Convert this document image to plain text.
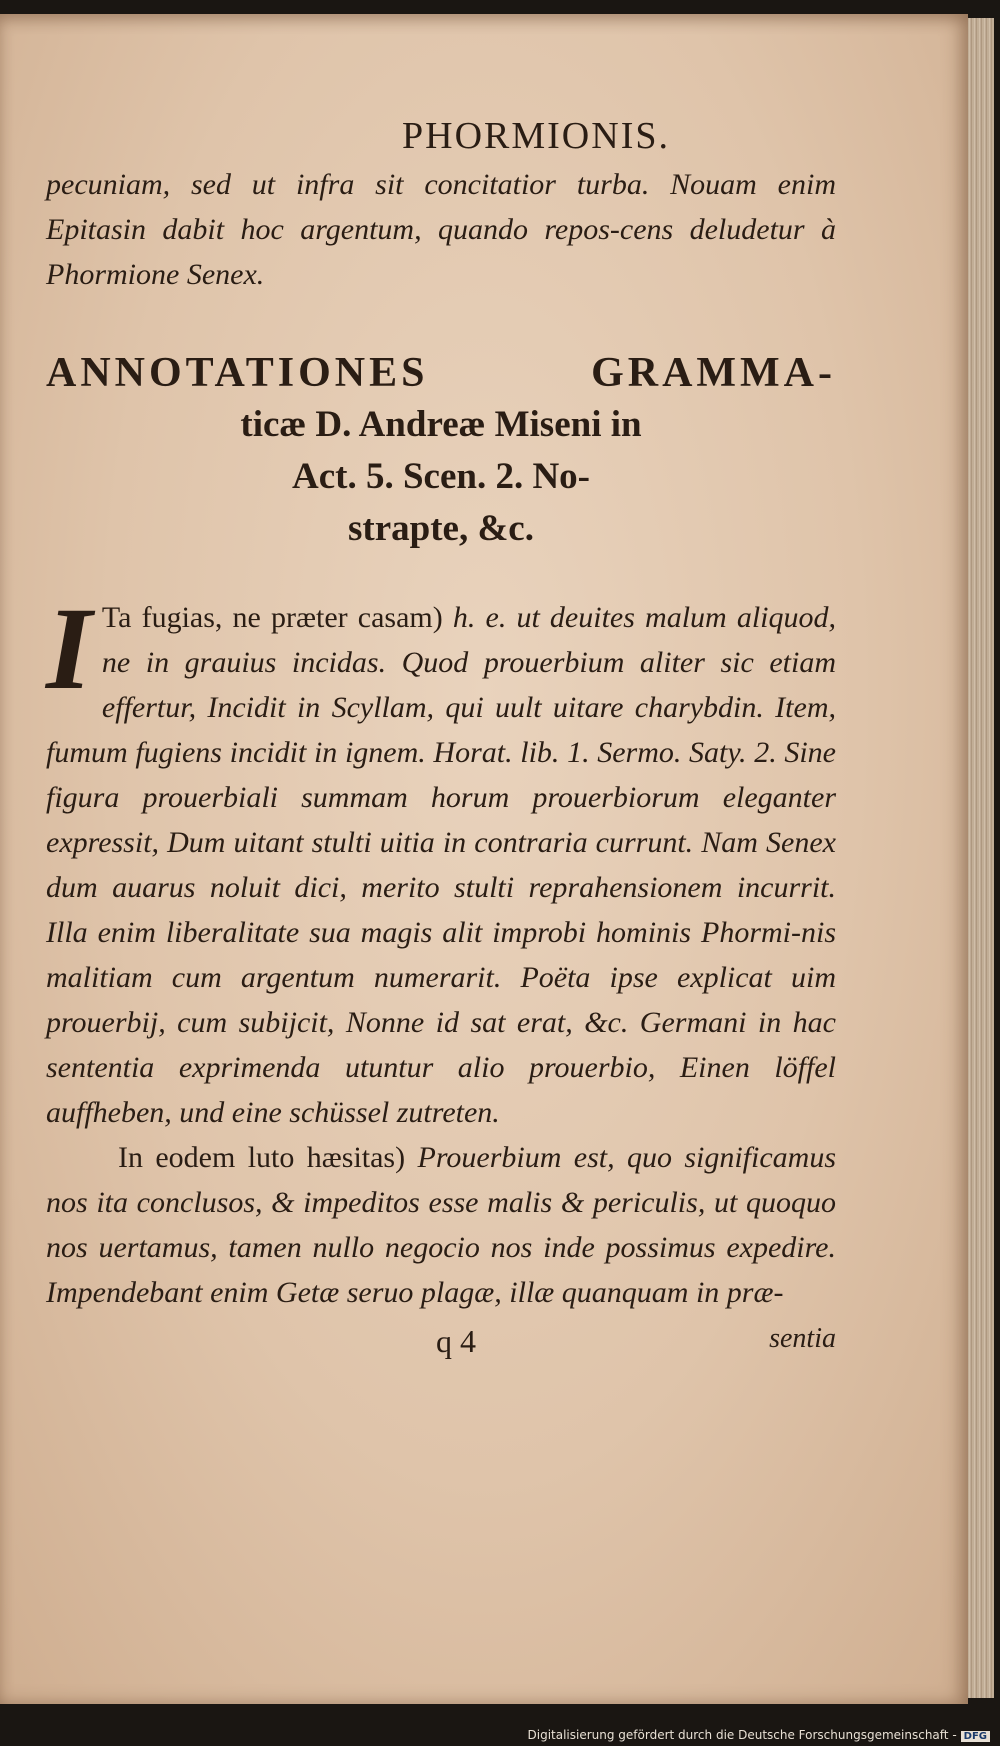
PHORMIONIS.

pecuniam, sed ut infra sit concitatior turba. Nouam enim Epitasin dabit hoc argentum, quando repos-cens deludetur à Phormione Senex.

ANNOTATIONES GRAMMA-
ticæ D. Andreæ Miseni in
Act. 5. Scen. 2. No-
strapte, &c.

I Ta fugias, ne præter casam) h. e. ut deuites malum aliquod, ne in grauius incidas. Quod prouerbium aliter sic etiam effertur, Incidit in Scyllam, qui uult uitare charybdin. Item, fumum fugiens incidit in ignem. Horat. lib. 1. Sermo. Saty. 2. Sine figura prouerbiali summam horum prouerbiorum eleganter expressit, Dum uitant stulti uitia in contraria currunt. Nam Senex dum auarus noluit dici, merito stulti reprahensionem incurrit. Illa enim liberalitate sua magis alit improbi hominis Phormi-nis malitiam cum argentum numerarit. Poëta ipse explicat uim prouerbij, cum subijcit, Nonne id sat erat, &c. Germani in hac sententia exprimenda utuntur alio prouerbio, Einen löffel auffheben, und eine schüssel zutreten.

In eodem luto hæsitas) Prouerbium est, quo significamus nos ita conclusos, & impeditos esse malis & periculis, ut quoquo nos uertamus, tamen nullo negocio nos inde possimus expedire. Impendebant enim Getæ seruo plagæ, illæ quanquam in præ-

q 4	sentia
Digitalisierung gefördert durch die Deutsche Forschungsgemeinschaft - DFG
